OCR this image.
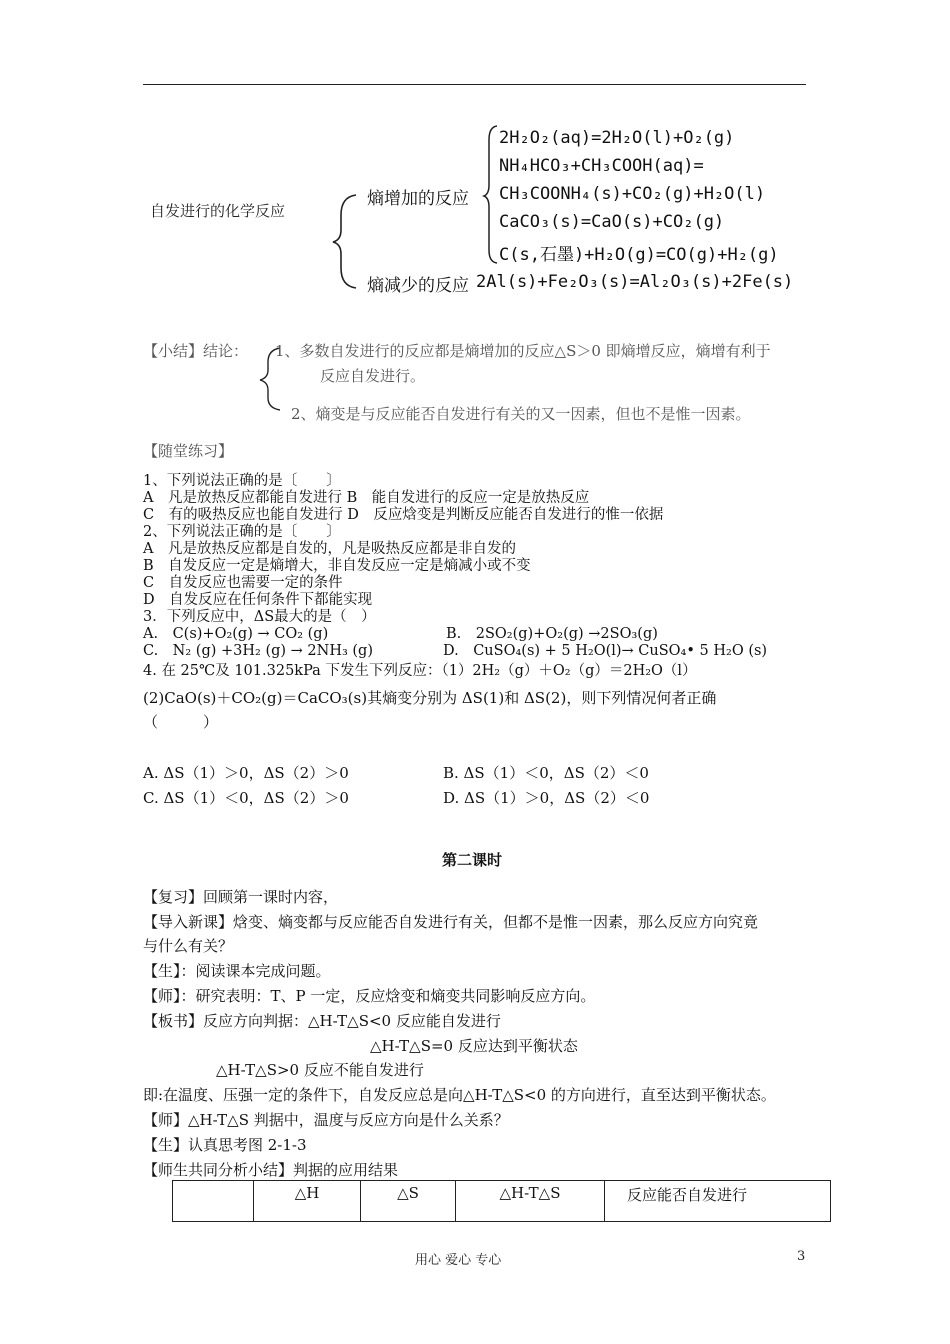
自发进行的化学反应
熵增加的反应
2H₂O₂(aq)=2H₂O(l)+O₂(g)
NH₄HCO₃+CH₃COOH(aq)=
CH₃COONH₄(s)+CO₂(g)+H₂O(l)
CaCO₃(s)=CaO(s)+CO₂(g)
C(s,石墨)+H₂O(g)=CO(g)+H₂(g)
熵减少的反应 2Al(s)+Fe₂O₃(s)=Al₂O₃(s)+2Fe(s)
【小结】结论： 1、多数自发进行的反应都是熵增加的反应△S＞0 即熵增反应，熵增有利于
反应自发进行。
2、熵变是与反应能否自发进行有关的又一因素，但也不是惟一因素。
【随堂练习】
1、下列说法正确的是〔　　〕
A　凡是放热反应都能自发进行 B　能自发进行的反应一定是放热反应
C　有的吸热反应也能自发进行 D　反应焓变是判断反应能否自发进行的惟一依据
2、下列说法正确的是〔　　〕
A　凡是放热反应都是自发的，凡是吸热反应都是非自发的
B　自发反应一定是熵增大，非自发反应一定是熵减小或不变
C　自发反应也需要一定的条件
D　自发反应在任何条件下都能实现
3．下列反应中，ΔS最大的是（　）
A.　C(s)+O₂(g) → CO₂ (g)	B.　2SO₂(g)+O₂(g) →2SO₃(g)
C.　N₂ (g) +3H₂ (g) → 2NH₃ (g)	D.　CuSO₄(s) + 5 H₂O(l)→ CuSO₄• 5 H₂O (s)
4. 在 25℃及 101.325kPa 下发生下列反应：（1）2H₂（g）＋O₂（g）＝2H₂O（l）
(2)CaO(s)＋CO₂(g)＝CaCO₃(s)其熵变分别为 ΔS(1)和 ΔS(2)，则下列情况何者正确
（　　　）
A. ΔS（1）＞0，ΔS（2）＞0	B. ΔS（1）＜0，ΔS（2）＜0
C. ΔS（1）＜0，ΔS（2）＞0	D. ΔS（1）＞0，ΔS（2）＜0
第二课时
【复习】回顾第一课时内容，
【导入新课】焓变、熵变都与反应能否自发进行有关，但都不是惟一因素，那么反应方向究竟
与什么有关？
【生】：阅读课本完成问题。
【师】：研究表明：T、P 一定，反应焓变和熵变共同影响反应方向。
【板书】反应方向判据：△H-T△S<0 反应能自发进行
△H-T△S=0 反应达到平衡状态
△H-T△S>0 反应不能自发进行
即:在温度、压强一定的条件下，自发反应总是向△H-T△S<0 的方向进行，直至达到平衡状态。
【师】△H-T△S 判据中，温度与反应方向是什么关系？
【生】认真思考图 2-1-3
【师生共同分析小结】判据的应用结果
	△H	△S	△H-T△S	反应能否自发进行
用心 爱心 专心	3
